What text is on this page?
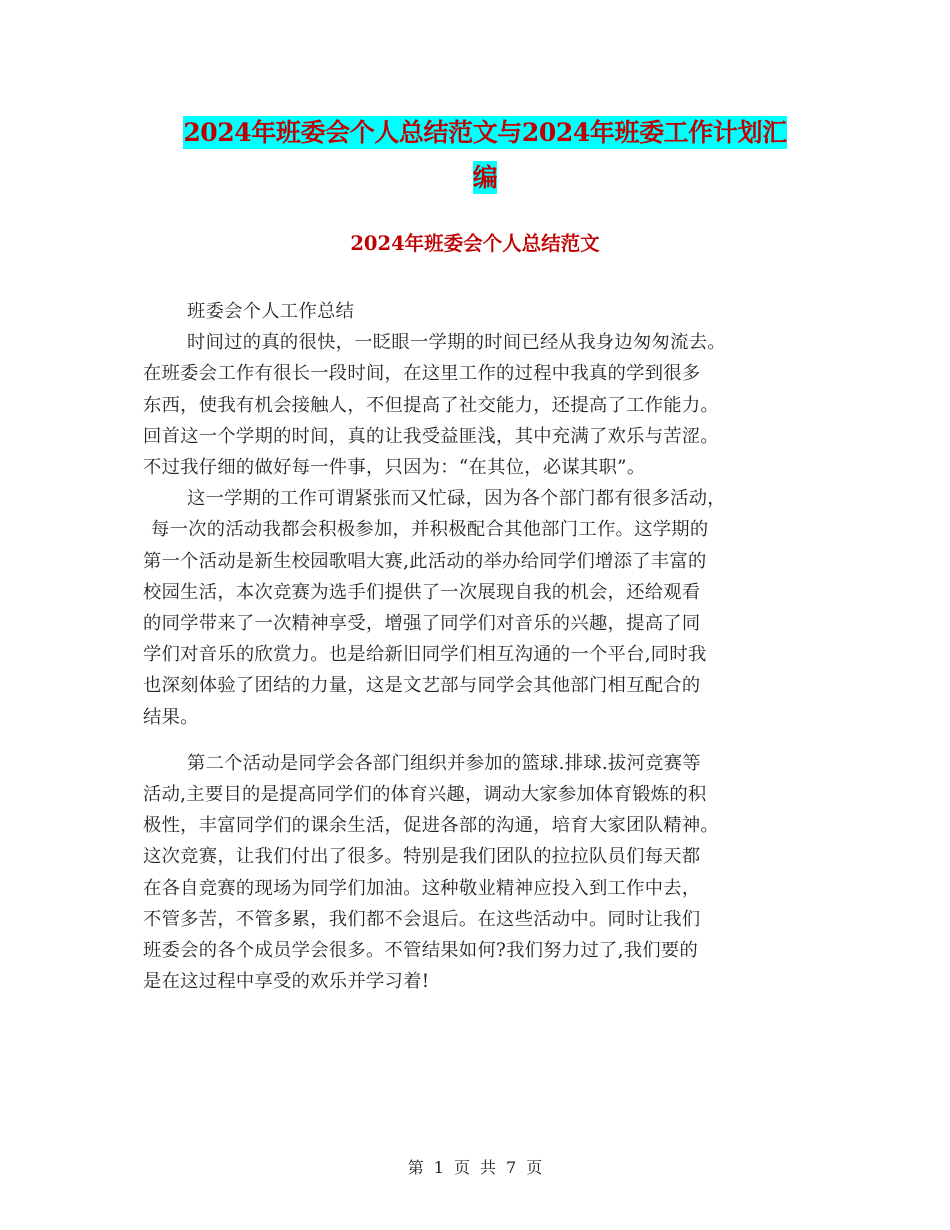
2024年班委会个人总结范文与2024年班委工作计划汇
编
2024年班委会个人总结范文
班委会个人工作总结
时间过的真的很快，一眨眼一学期的时间已经从我身边匆匆流去。
在班委会工作有很长一段时间，在这里工作的过程中我真的学到很多
东西，使我有机会接触人，不但提高了社交能力，还提高了工作能力。
回首这一个学期的时间，真的让我受益匪浅，其中充满了欢乐与苦涩。
不过我仔细的做好每一件事，只因为：“在其位，必谋其职”。
这一学期的工作可谓紧张而又忙碌，因为各个部门都有很多活动，
每一次的活动我都会积极参加，并积极配合其他部门工作。这学期的
第一个活动是新生校园歌唱大赛,此活动的举办给同学们增添了丰富的
校园生活，本次竞赛为选手们提供了一次展现自我的机会，还给观看
的同学带来了一次精神享受，增强了同学们对音乐的兴趣，提高了同
学们对音乐的欣赏力。也是给新旧同学们相互沟通的一个平台,同时我
也深刻体验了团结的力量，这是文艺部与同学会其他部门相互配合的
结果。
第二个活动是同学会各部门组织并参加的篮球.排球.拔河竞赛等
活动,主要目的是提高同学们的体育兴趣，调动大家参加体育锻炼的积
极性，丰富同学们的课余生活，促进各部的沟通，培育大家团队精神。
这次竞赛，让我们付出了很多。特别是我们团队的拉拉队员们每天都
在各自竞赛的现场为同学们加油。这种敬业精神应投入到工作中去，
不管多苦，不管多累，我们都不会退后。在这些活动中。同时让我们
班委会的各个成员学会很多。不管结果如何?我们努力过了,我们要的
是在这过程中享受的欢乐并学习着!
第 1 页 共 7 页
